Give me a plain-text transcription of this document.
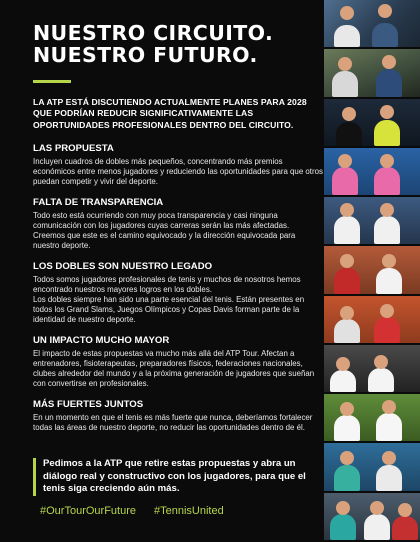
NUESTRO CIRCUITO.
NUESTRO FUTURO.

LA ATP ESTÁ DISCUTIENDO ACTUALMENTE PLANES PARA 2028 QUE PODRÍAN REDUCIR SIGNIFICATIVAMENTE LAS OPORTUNIDADES PROFESIONALES DENTRO DEL CIRCUITO.

LAS PROPUESTA
Incluyen cuadros de dobles más pequeños, concentrando más premios económicos entre menos jugadores y reduciendo las oportunidades para que otros puedan competir y vivir del deporte.
FALTA DE TRANSPARENCIA
Todo esto está ocurriendo con muy poca transparencia y casi ninguna comunicación con los jugadores cuyas carreras serán las más afectadas. Creemos que este es el camino equivocado y la dirección equivocada para nuestro deporte.
LOS DOBLES SON NUESTRO LEGADO

Todos somos jugadores profesionales de tenis y muchos de nosotros hemos encontrado nuestros mayores logros en los dobles.

Los dobles siempre han sido una parte esencial del tenis. Están presentes en todos los Grand Slams, Juegos Olímpicos y Copas Davis forman parte de la identidad de nuestro deporte.

UN IMPACTO MUCHO MAYOR
El impacto de estas propuestas va mucho más allá del ATP Tour. Afectan a entrenadores, fisioterapeutas, preparadores físicos, federaciones nacionales, clubes alrededor del mundo y a la próxima generación de jugadores que sueñan con convertirse en profesionales.
MÁS FUERTES JUNTOS
En un momento en que el tenis es más fuerte que nunca, deberíamos fortalecer todas las áreas de nuestro deporte, no reducir las oportunidades dentro de él.

Pedimos a la ATP que retire estas propuestas y abra un diálogo real y constructivo con los jugadores, para que el tenis siga creciendo aún más.

#OurTourOurFuture #TennisUnited
